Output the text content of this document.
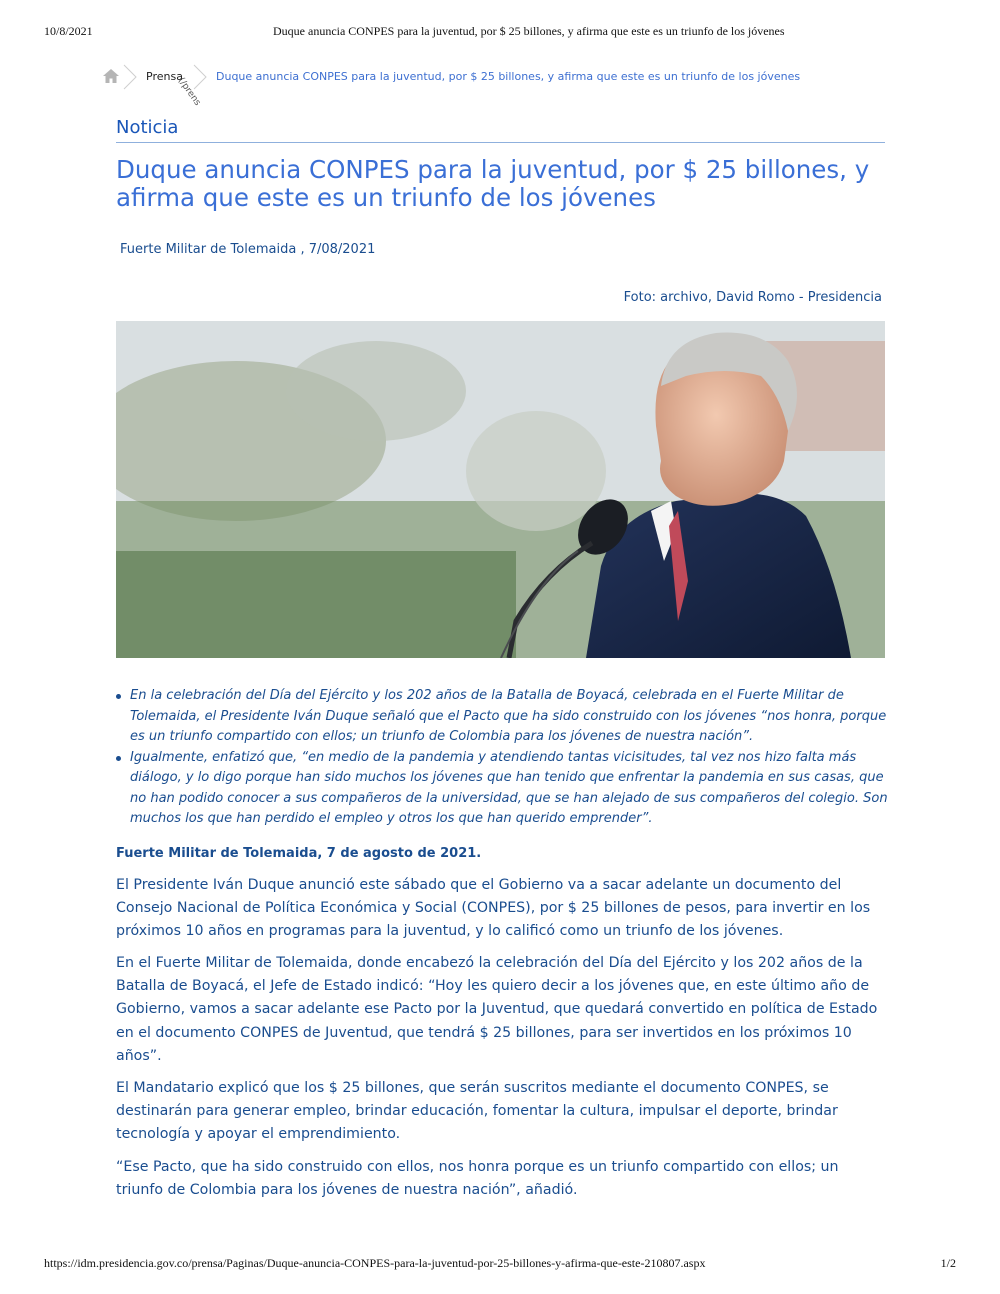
10/8/2021	Duque anuncia CONPES para la juventud, por $ 25 billones, y afirma que este es un triunfo de los jóvenes
Prensa
(/prens Duque anuncia CONPES para la juventud, por $ 25 billones, y afirma que este es un triunfo de los jóvenes
Noticia
Duque anuncia CONPES para la juventud, por $ 25 billones, y afirma que este es un triunfo de los jóvenes
Fuerte Militar de Tolemaida , 7/08/2021
Foto: archivo, David Romo - Presidencia
En la celebración del Día del Ejército y los 202 años de la Batalla de Boyacá, celebrada en el Fuerte Militar de Tolemaida, el Presidente Iván Duque señaló que el Pacto que ha sido construido con los jóvenes “nos honra, porque es un triunfo compartido con ellos; un triunfo de Colombia para los jóvenes de nuestra nación”.
Igualmente, enfatizó que, “en medio de la pandemia y atendiendo tantas vicisitudes, tal vez nos hizo falta más diálogo, y lo digo porque han sido muchos los jóvenes que han tenido que enfrentar la pandemia en sus casas, que no han podido conocer a sus compañeros de la universidad, que se han alejado de sus compañeros del colegio. Son muchos los que han perdido el empleo y otros los que han querido emprender”.
Fuerte Militar de Tolemaida, 7 de agosto de 2021.

El Presidente Iván Duque anunció este sábado que el Gobierno va a sacar adelante un documento del Consejo Nacional de Política Económica y Social (CONPES), por $ 25 billones de pesos, para invertir en los próximos 10 años en programas para la juventud, y lo calificó como un triunfo de los jóvenes.

En el Fuerte Militar de Tolemaida, donde encabezó la celebración del Día del Ejército y los 202 años de la Batalla de Boyacá, el Jefe de Estado indicó: “Hoy les quiero decir a los jóvenes que, en este último año de Gobierno, vamos a sacar adelante ese Pacto por la Juventud, que quedará convertido en política de Estado en el documento CONPES de Juventud, que tendrá $ 25 billones, para ser invertidos en los próximos 10 años”.

El Mandatario explicó que los $ 25 billones, que serán suscritos mediante el documento CONPES, se destinarán para generar empleo, brindar educación, fomentar la cultura, impulsar el deporte, brindar tecnología y apoyar el emprendimiento.

“Ese Pacto, que ha sido construido con ellos, nos honra porque es un triunfo compartido con ellos; un triunfo de Colombia para los jóvenes de nuestra nación”, añadió.

https://idm.presidencia.gov.co/prensa/Paginas/Duque-anuncia-CONPES-para-la-juventud-por-25-billones-y-afirma-que-este-210807.aspx	1/2
